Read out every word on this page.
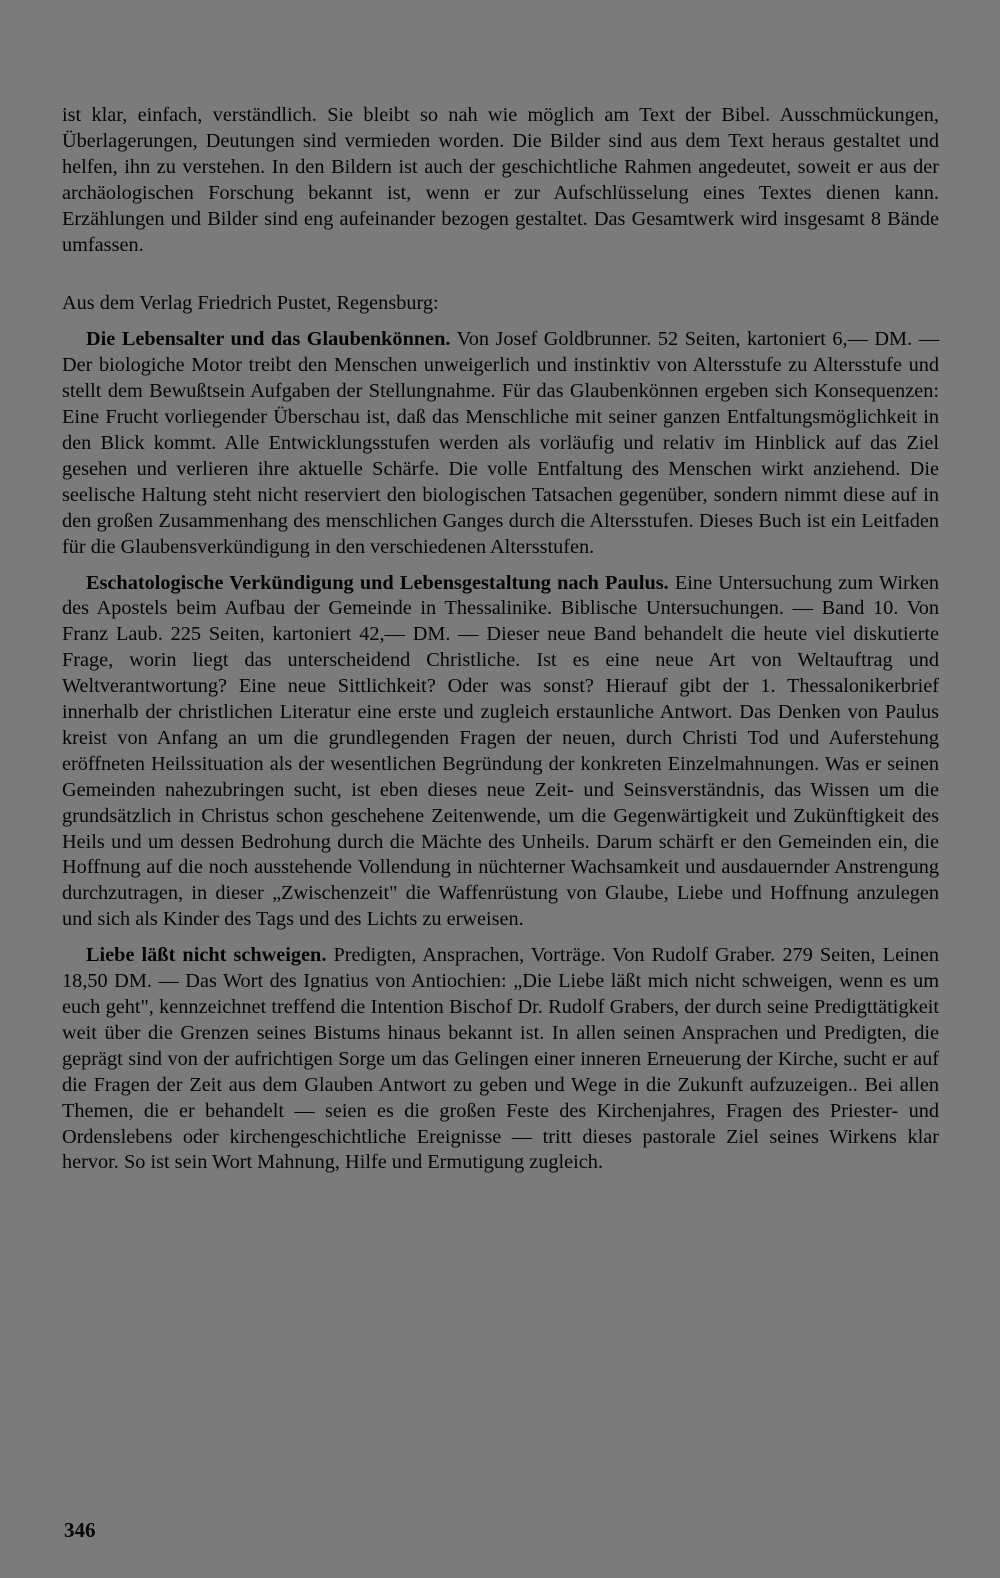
ist klar, einfach, verständlich. Sie bleibt so nah wie möglich am Text der Bibel. Ausschmückungen, Überlagerungen, Deutungen sind vermieden worden. Die Bilder sind aus dem Text heraus gestaltet und helfen, ihn zu verstehen. In den Bildern ist auch der geschichtliche Rahmen angedeutet, soweit er aus der archäologischen Forschung bekannt ist, wenn er zur Aufschlüsselung eines Textes dienen kann. Erzählungen und Bilder sind eng aufeinander bezogen gestaltet. Das Gesamtwerk wird insgesamt 8 Bände umfassen.

Aus dem Verlag Friedrich Pustet, Regensburg:

Die Lebensalter und das Glaubenkönnen. Von Josef Goldbrunner. 52 Seiten, kartoniert 6,— DM. — Der biologiche Motor treibt den Menschen unweigerlich und instinktiv von Altersstufe zu Altersstufe und stellt dem Bewußtsein Aufgaben der Stellungnahme. Für das Glaubenkönnen ergeben sich Konsequenzen: Eine Frucht vorliegender Überschau ist, daß das Menschliche mit seiner ganzen Entfaltungsmöglichkeit in den Blick kommt. Alle Entwicklungsstufen werden als vorläufig und relativ im Hinblick auf das Ziel gesehen und verlieren ihre aktuelle Schärfe. Die volle Entfaltung des Menschen wirkt anziehend. Die seelische Haltung steht nicht reserviert den biologischen Tatsachen gegenüber, sondern nimmt diese auf in den großen Zusammenhang des menschlichen Ganges durch die Altersstufen. Dieses Buch ist ein Leitfaden für die Glaubensverkündigung in den verschiedenen Altersstufen.

Eschatologische Verkündigung und Lebensgestaltung nach Paulus. Eine Untersuchung zum Wirken des Apostels beim Aufbau der Gemeinde in Thessalinike. Biblische Untersuchungen. — Band 10. Von Franz Laub. 225 Seiten, kartoniert 42,— DM. — Dieser neue Band behandelt die heute viel diskutierte Frage, worin liegt das unterscheidend Christliche. Ist es eine neue Art von Weltauftrag und Weltverantwortung? Eine neue Sittlichkeit? Oder was sonst? Hierauf gibt der 1. Thessalonikerbrief innerhalb der christlichen Literatur eine erste und zugleich erstaunliche Antwort. Das Denken von Paulus kreist von Anfang an um die grundlegenden Fragen der neuen, durch Christi Tod und Auferstehung eröffneten Heilssituation als der wesentlichen Begründung der konkreten Einzelmahnungen. Was er seinen Gemeinden nahezubringen sucht, ist eben dieses neue Zeit- und Seinsverständnis, das Wissen um die grundsätzlich in Christus schon geschehene Zeitenwende, um die Gegenwärtigkeit und Zukünftigkeit des Heils und um dessen Bedrohung durch die Mächte des Unheils. Darum schärft er den Gemeinden ein, die Hoffnung auf die noch ausstehende Vollendung in nüchterner Wachsamkeit und ausdauernder Anstrengung durchzutragen, in dieser „Zwischenzeit" die Waffenrüstung von Glaube, Liebe und Hoffnung anzulegen und sich als Kinder des Tags und des Lichts zu erweisen.

Liebe läßt nicht schweigen. Predigten, Ansprachen, Vorträge. Von Rudolf Graber. 279 Seiten, Leinen 18,50 DM. — Das Wort des Ignatius von Antiochien: „Die Liebe läßt mich nicht schweigen, wenn es um euch geht", kennzeichnet treffend die Intention Bischof Dr. Rudolf Grabers, der durch seine Predigttätigkeit weit über die Grenzen seines Bistums hinaus bekannt ist. In allen seinen Ansprachen und Predigten, die geprägt sind von der aufrichtigen Sorge um das Gelingen einer inneren Erneuerung der Kirche, sucht er auf die Fragen der Zeit aus dem Glauben Antwort zu geben und Wege in die Zukunft aufzuzeigen.. Bei allen Themen, die er behandelt — seien es die großen Feste des Kirchenjahres, Fragen des Priester- und Ordenslebens oder kirchengeschichtliche Ereignisse — tritt dieses pastorale Ziel seines Wirkens klar hervor. So ist sein Wort Mahnung, Hilfe und Ermutigung zugleich.

346
